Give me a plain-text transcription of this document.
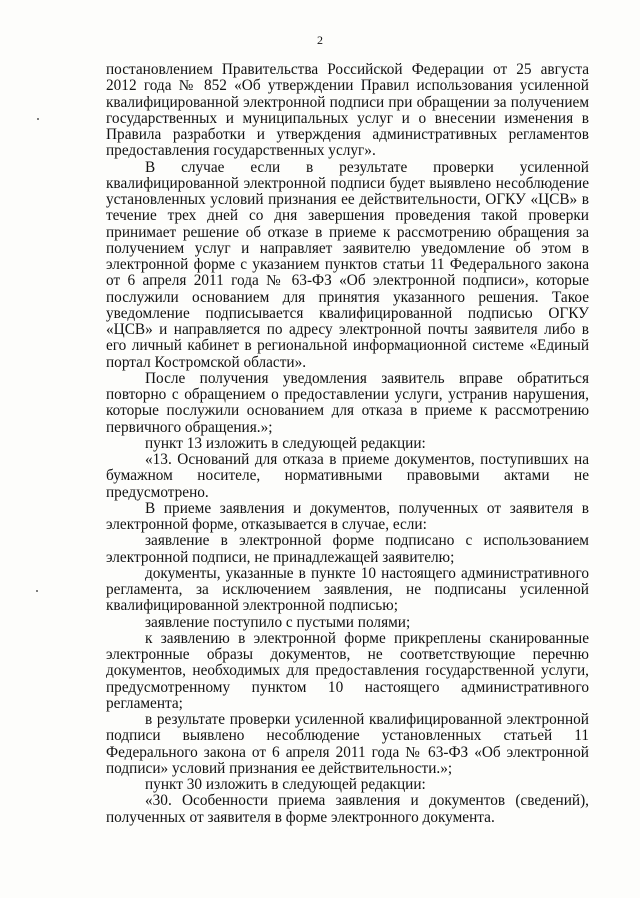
2

постановлением Правительства Российской Федерации от 25 августа 2012 года № 852 «Об утверждении Правил использования усиленной квалифицированной электронной подписи при обращении за получением государственных и муниципальных услуг и о внесении изменения в Правила разработки и утверждения административных регламентов предоставления государственных услуг».

В случае если в результате проверки усиленной квалифицированной электронной подписи будет выявлено несоблюдение установленных условий признания ее действительности, ОГКУ «ЦСВ» в течение трех дней со дня завершения проведения такой проверки принимает решение об отказе в приеме к рассмотрению обращения за получением услуг и направляет заявителю уведомление об этом в электронной форме с указанием пунктов статьи 11 Федерального закона от 6 апреля 2011 года № 63-ФЗ «Об электронной подписи», которые послужили основанием для принятия указанного решения. Такое уведомление подписывается квалифицированной подписью ОГКУ «ЦСВ» и направляется по адресу электронной почты заявителя либо в его личный кабинет в региональной информационной системе «Единый портал Костромской области».

После получения уведомления заявитель вправе обратиться повторно с обращением о предоставлении услуги, устранив нарушения, которые послужили основанием для отказа в приеме к рассмотрению первичного обращения.»;

пункт 13 изложить в следующей редакции:

«13. Оснований для отказа в приеме документов, поступивших на бумажном носителе, нормативными правовыми актами не предусмотрено.

В приеме заявления и документов, полученных от заявителя в электронной форме, отказывается в случае, если:

заявление в электронной форме подписано с использованием электронной подписи, не принадлежащей заявителю;

документы, указанные в пункте 10 настоящего административного регламента, за исключением заявления, не подписаны усиленной квалифицированной электронной подписью;

заявление поступило с пустыми полями;

к заявлению в электронной форме прикреплены сканированные электронные образы документов, не соответствующие перечню документов, необходимых для предоставления государственной услуги, предусмотренному пунктом 10 настоящего административного регламента;

в результате проверки усиленной квалифицированной электронной подписи выявлено несоблюдение установленных статьей 11 Федерального закона от 6 апреля 2011 года № 63-ФЗ «Об электронной подписи» условий признания ее действительности.»;

пункт 30 изложить в следующей редакции:

«30. Особенности приема заявления и документов (сведений), полученных от заявителя в форме электронного документа.
